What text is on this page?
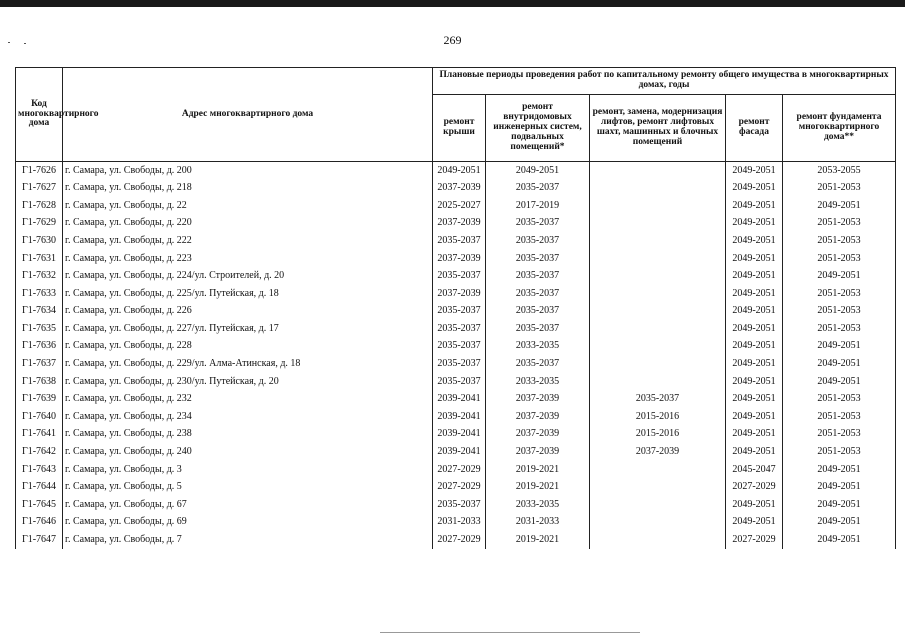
269
Код многоквартирного дома	Адрес многоквартирного дома	Плановые периоды проведения работ по капитальному ремонту общего имущества в многоквартирных домах, годы				
		ремонт крыши	ремонт внутридомовых инженерных систем, подвальных помещений*	ремонт, замена, модернизация лифтов, ремонт лифтовых шахт, машинных и блочных помещений	ремонт фасада	ремонт фундамента многоквартирного дома**
Г1-7626	г. Самара, ул. Свободы, д. 200	2049-2051	2049-2051		2049-2051	2053-2055
Г1-7627	г. Самара, ул. Свободы, д. 218	2037-2039	2035-2037		2049-2051	2051-2053
Г1-7628	г. Самара, ул. Свободы, д. 22	2025-2027	2017-2019		2049-2051	2049-2051
Г1-7629	г. Самара, ул. Свободы, д. 220	2037-2039	2035-2037		2049-2051	2051-2053
Г1-7630	г. Самара, ул. Свободы, д. 222	2035-2037	2035-2037		2049-2051	2051-2053
Г1-7631	г. Самара, ул. Свободы, д. 223	2037-2039	2035-2037		2049-2051	2051-2053
Г1-7632	г. Самара, ул. Свободы, д. 224/ул. Строителей, д. 20	2035-2037	2035-2037		2049-2051	2049-2051
Г1-7633	г. Самара, ул. Свободы, д. 225/ул. Путейская, д. 18	2037-2039	2035-2037		2049-2051	2051-2053
Г1-7634	г. Самара, ул. Свободы, д. 226	2035-2037	2035-2037		2049-2051	2051-2053
Г1-7635	г. Самара, ул. Свободы, д. 227/ул. Путейская, д. 17	2035-2037	2035-2037		2049-2051	2051-2053
Г1-7636	г. Самара, ул. Свободы, д. 228	2035-2037	2033-2035		2049-2051	2049-2051
Г1-7637	г. Самара, ул. Свободы, д. 229/ул. Алма-Атинская, д. 18	2035-2037	2035-2037		2049-2051	2049-2051
Г1-7638	г. Самара, ул. Свободы, д. 230/ул. Путейская, д. 20	2035-2037	2033-2035		2049-2051	2049-2051
Г1-7639	г. Самара, ул. Свободы, д. 232	2039-2041	2037-2039	2035-2037	2049-2051	2051-2053
Г1-7640	г. Самара, ул. Свободы, д. 234	2039-2041	2037-2039	2015-2016	2049-2051	2051-2053
Г1-7641	г. Самара, ул. Свободы, д. 238	2039-2041	2037-2039	2015-2016	2049-2051	2051-2053
Г1-7642	г. Самара, ул. Свободы, д. 240	2039-2041	2037-2039	2037-2039	2049-2051	2051-2053
Г1-7643	г. Самара, ул. Свободы, д. 3	2027-2029	2019-2021		2045-2047	2049-2051
Г1-7644	г. Самара, ул. Свободы, д. 5	2027-2029	2019-2021		2027-2029	2049-2051
Г1-7645	г. Самара, ул. Свободы, д. 67	2035-2037	2033-2035		2049-2051	2049-2051
Г1-7646	г. Самара, ул. Свободы, д. 69	2031-2033	2031-2033		2049-2051	2049-2051
Г1-7647	г. Самара, ул. Свободы, д. 7	2027-2029	2019-2021		2027-2029	2049-2051
